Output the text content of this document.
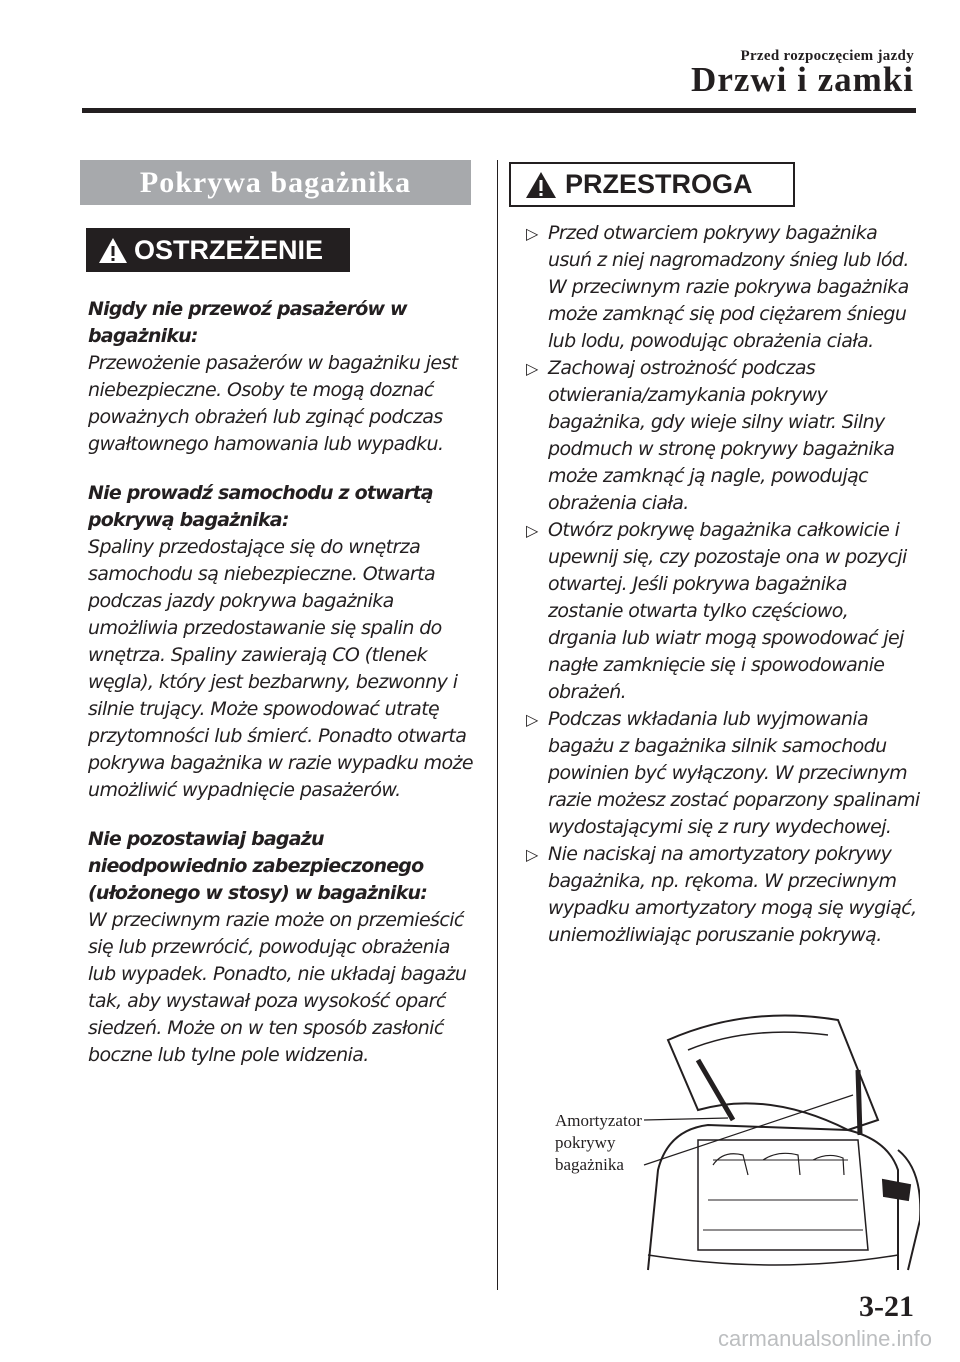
Przed rozpoczęciem jazdy
Drzwi i zamki
Pokrywa bagażnika
OSTRZEŻENIE
Nigdy nie przewoź pasażerów w bagażniku:
Przewożenie pasażerów w bagażniku jest niebezpieczne. Osoby te mogą doznać poważnych obrażeń lub zginąć podczas gwałtownego hamowania lub wypadku.
Nie prowadź samochodu z otwartą pokrywą bagażnika:
Spaliny przedostające się do wnętrza samochodu są niebezpieczne. Otwarta podczas jazdy pokrywa bagażnika umożliwia przedostawanie się spalin do wnętrza. Spaliny zawierają CO (tlenek węgla), który jest bezbarwny, bezwonny i silnie trujący. Może spowodować utratę przytomności lub śmierć. Ponadto otwarta pokrywa bagażnika w razie wypadku może umożliwić wypadnięcie pasażerów.
Nie pozostawiaj bagażu nieodpowiednio zabezpieczonego (ułożonego w stosy) w bagażniku:
W przeciwnym razie może on przemieścić się lub przewrócić, powodując obrażenia lub wypadek. Ponadto, nie układaj bagażu tak, aby wystawał poza wysokość oparć siedzeń. Może on w ten sposób zasłonić boczne lub tylne pole widzenia.
PRZESTROGA
▷ Przed otwarciem pokrywy bagażnika usuń z niej nagromadzony śnieg lub lód. W przeciwnym razie pokrywa bagażnika może zamknąć się pod ciężarem śniegu lub lodu, powodując obrażenia ciała.
▷ Zachowaj ostrożność podczas otwierania/zamykania pokrywy bagażnika, gdy wieje silny wiatr. Silny podmuch w stronę pokrywy bagażnika może zamknąć ją nagle, powodując obrażenia ciała.
▷ Otwórz pokrywę bagażnika całkowicie i upewnij się, czy pozostaje ona w pozycji otwartej. Jeśli pokrywa bagażnika zostanie otwarta tylko częściowo, drgania lub wiatr mogą spowodować jej nagłe zamknięcie się i spowodowanie obrażeń.
▷ Podczas wkładania lub wyjmowania bagażu z bagażnika silnik samochodu powinien być wyłączony. W przeciwnym razie możesz zostać poparzony spalinami wydostającymi się z rury wydechowej.
▷ Nie naciskaj na amortyzatory pokrywy bagażnika, np. rękoma. W przeciwnym wypadku amortyzatory mogą się wygiąć, uniemożliwiając poruszanie pokrywą.
Amortyzator
pokrywy
bagażnika
3-21
carmanualsonline.info
